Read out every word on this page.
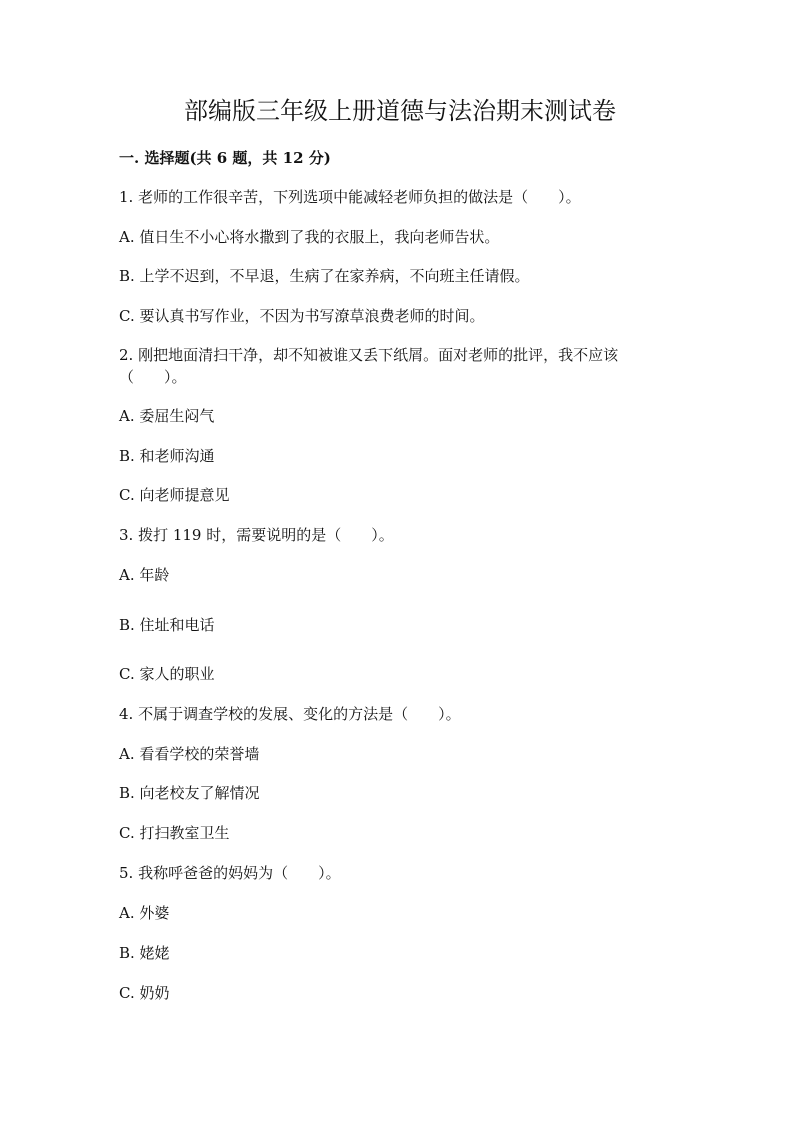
部编版三年级上册道德与法治期末测试卷
一. 选择题(共 6 题，共 12 分)
1. 老师的工作很辛苦，下列选项中能减轻老师负担的做法是（　　）。
A. 值日生不小心将水撒到了我的衣服上，我向老师告状。
B. 上学不迟到，不早退，生病了在家养病，不向班主任请假。
C. 要认真书写作业，不因为书写潦草浪费老师的时间。
2. 刚把地面清扫干净，却不知被谁又丢下纸屑。面对老师的批评，我不应该（　　）。
A. 委屈生闷气
B. 和老师沟通
C. 向老师提意见
3. 拨打 119 时，需要说明的是（　　）。
A. 年龄
B. 住址和电话
C. 家人的职业
4. 不属于调查学校的发展、变化的方法是（　　）。
A. 看看学校的荣誉墙
B. 向老校友了解情况
C. 打扫教室卫生
5. 我称呼爸爸的妈妈为（　　）。
A. 外婆
B. 姥姥
C. 奶奶
